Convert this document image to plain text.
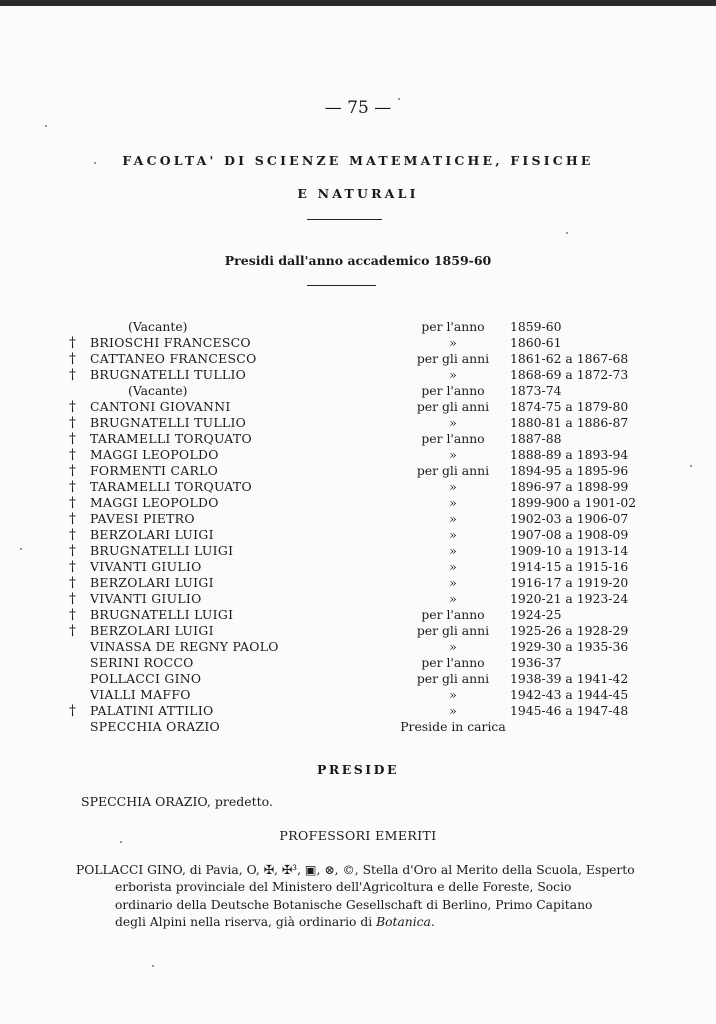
— 75 —
FACOLTA' DI SCIENZE MATEMATICHE, FISICHE
E NATURALI
Presidi dall'anno accademico 1859-60
(Vacante)	per l'anno	1859-60
† BRIOSCHI FRANCESCO	»	1860-61
† CATTANEO FRANCESCO	per gli anni	1861-62 a 1867-68
† BRUGNATELLI TULLIO	»	1868-69 a 1872-73
(Vacante)	per l'anno	1873-74
† CANTONI GIOVANNI	per gli anni	1874-75 a 1879-80
† BRUGNATELLI TULLIO	»	1880-81 a 1886-87
† TARAMELLI TORQUATO	per l'anno	1887-88
† MAGGI LEOPOLDO	»	1888-89 a 1893-94
† FORMENTI CARLO	per gli anni	1894-95 a 1895-96
† TARAMELLI TORQUATO	»	1896-97 a 1898-99
† MAGGI LEOPOLDO	»	1899-900 a 1901-02
† PAVESI PIETRO	»	1902-03 a 1906-07
† BERZOLARI LUIGI	»	1907-08 a 1908-09
† BRUGNATELLI LUIGI	»	1909-10 a 1913-14
† VIVANTI GIULIO	»	1914-15 a 1915-16
† BERZOLARI LUIGI	»	1916-17 a 1919-20
† VIVANTI GIULIO	»	1920-21 a 1923-24
† BRUGNATELLI LUIGI	per l'anno	1924-25
† BERZOLARI LUIGI	per gli anni	1925-26 a 1928-29
VINASSA DE REGNY PAOLO	»	1929-30 a 1935-36
SERINI ROCCO	per l'anno	1936-37
POLLACCI GINO	per gli anni	1938-39 a 1941-42
VIALLI MAFFO	»	1942-43 a 1944-45
† PALATINI ATTILIO	»	1945-46 a 1947-48
SPECCHIA ORAZIO	Preside in carica
PRESIDE
SPECCHIA ORAZIO, predetto.
PROFESSORI EMERITI
POLLACCI GINO, di Pavia, O, ✠, ✠³, ▣, ⊗, ©, Stella d'Oro al Merito della Scuola, Esperto
erborista provinciale del Ministero dell'Agricoltura e delle Foreste, Socio ordinario della Deutsche Botanische Gesellschaft di Berlino, Primo Capitano degli Alpini nella riserva, già ordinario di Botanica.
